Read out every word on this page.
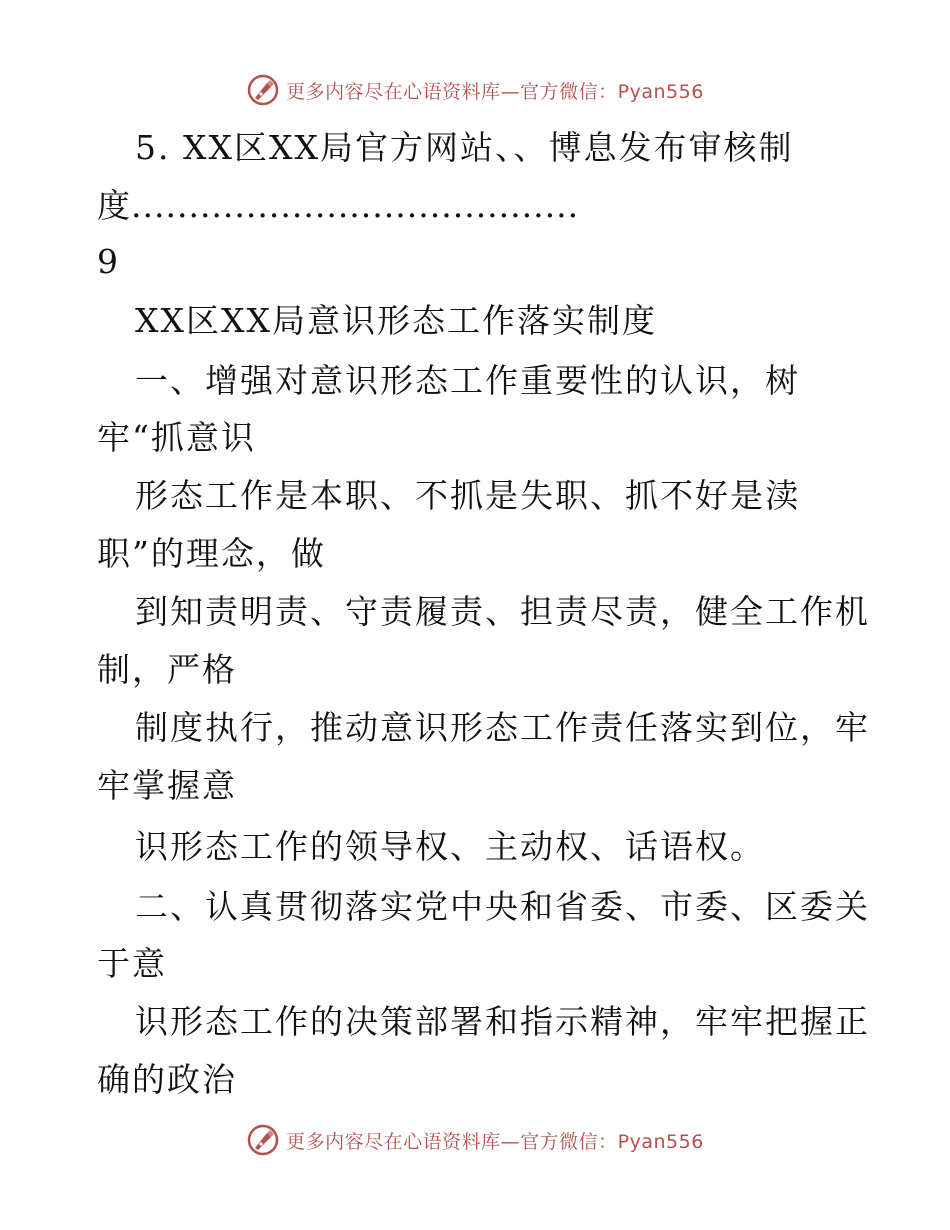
更多内容尽在心语资料库—官方微信：Pyan556
5. XX区XX局官方网站、、博息发布审核制
度.......................................
9
XX区XX局意识形态工作落实制度
一、增强对意识形态工作重要性的认识，树
牢“抓意识
形态工作是本职、不抓是失职、抓不好是渎
职”的理念，做
到知责明责、守责履责、担责尽责，健全工作机
制，严格
制度执行，推动意识形态工作责任落实到位，牢
牢掌握意
识形态工作的领导权、主动权、话语权。
二、认真贯彻落实党中央和省委、市委、区委关
于意
识形态工作的决策部署和指示精神，牢牢把握正
确的政治
更多内容尽在心语资料库—官方微信：Pyan556
